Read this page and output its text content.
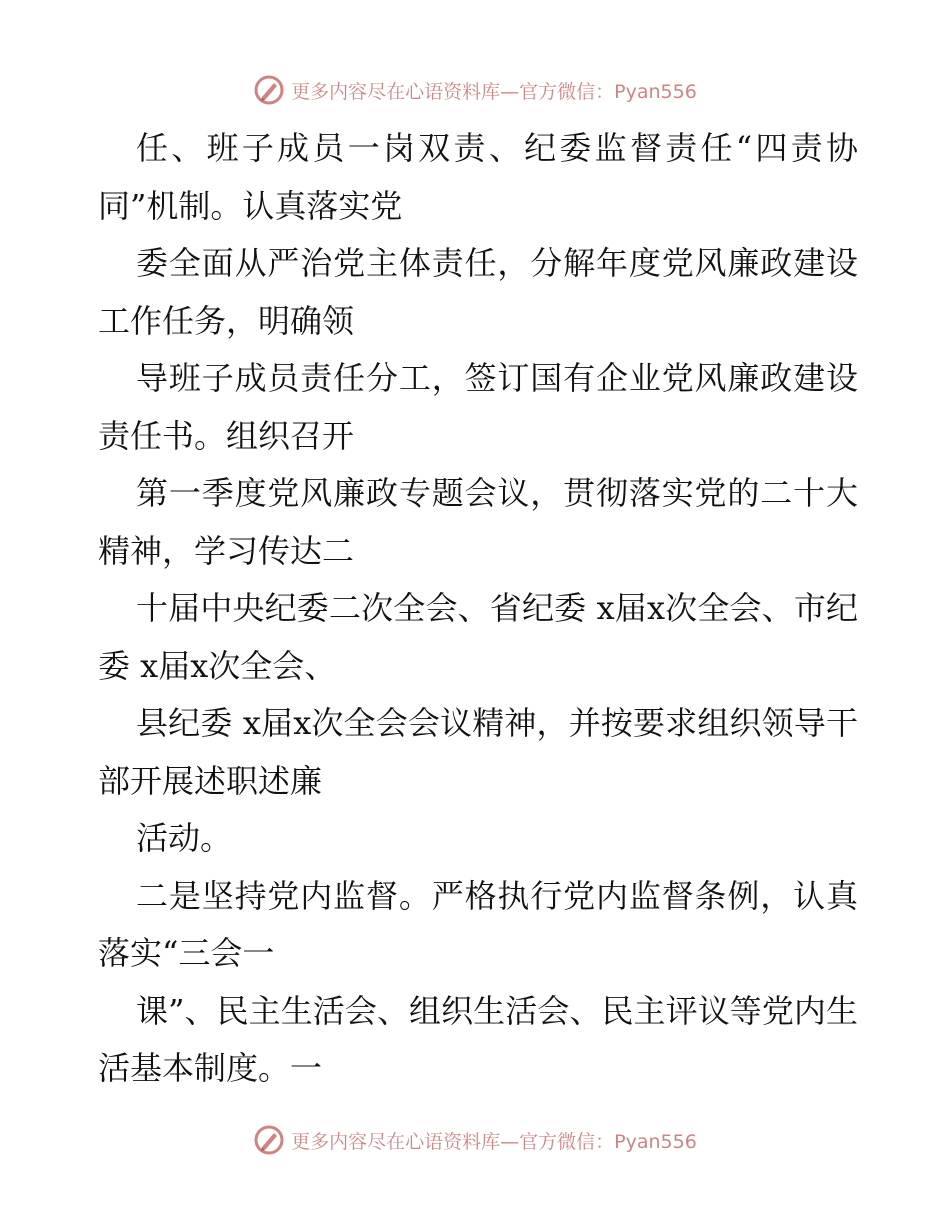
更多内容尽在心语资料库—官方微信：Pyan556

任、班子成员一岗双责、纪委监督责任“四责协同”机制。认真落实党

委全面从严治党主体责任，分解年度党风廉政建设工作任务，明确领

导班子成员责任分工，签订国有企业党风廉政建设责任书。组织召开

第一季度党风廉政专题会议，贯彻落实党的二十大精神，学习传达二

十届中央纪委二次全会、省纪委 x届x次全会、市纪委 x届x次全会、

县纪委 x届x次全会会议精神，并按要求组织领导干部开展述职述廉

活动。

二是坚持党内监督。严格执行党内监督条例，认真落实“三会一

课”、民主生活会、组织生活会、民主评议等党内生活基本制度。一

更多内容尽在心语资料库—官方微信：Pyan556
